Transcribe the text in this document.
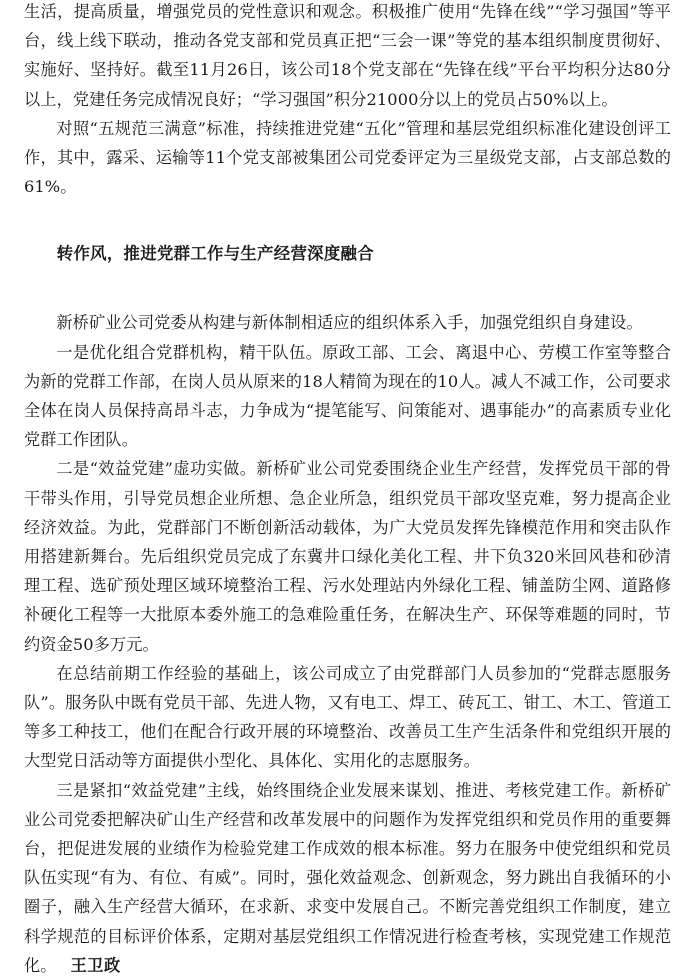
生活，提高质量，增强党员的党性意识和观念。积极推广使用“先锋在线”“学习强国”等平台，线上线下联动，推动各党支部和党员真正把“三会一课”等党的基本组织制度贯彻好、实施好、坚持好。截至11月26日，该公司18个党支部在“先锋在线”平台平均积分达80分以上，党建任务完成情况良好；“学习强国”积分21000分以上的党员占50%以上。

对照“五规范三满意”标准，持续推进党建“五化”管理和基层党组织标准化建设创评工作，其中，露采、运输等11个党支部被集团公司党委评定为三星级党支部，占支部总数的61%。

转作风，推进党群工作与生产经营深度融合

新桥矿业公司党委从构建与新体制相适应的组织体系入手，加强党组织自身建设。

一是优化组合党群机构，精干队伍。原政工部、工会、离退中心、劳模工作室等整合为新的党群工作部，在岗人员从原来的18人精简为现在的10人。减人不减工作，公司要求全体在岗人员保持高昂斗志，力争成为“提笔能写、问策能对、遇事能办”的高素质专业化党群工作团队。

二是“效益党建”虚功实做。新桥矿业公司党委围绕企业生产经营，发挥党员干部的骨干带头作用，引导党员想企业所想、急企业所急，组织党员干部攻坚克难，努力提高企业经济效益。为此，党群部门不断创新活动载体，为广大党员发挥先锋模范作用和突击队作用搭建新舞台。先后组织党员完成了东冀井口绿化美化工程、井下负320米回风巷和砂清理工程、选矿预处理区域环境整治工程、污水处理站内外绿化工程、铺盖防尘网、道路修补硬化工程等一大批原本委外施工的急难险重任务，在解决生产、环保等难题的同时，节约资金50多万元。

在总结前期工作经验的基础上，该公司成立了由党群部门人员参加的“党群志愿服务队”。服务队中既有党员干部、先进人物，又有电工、焊工、砖瓦工、钳工、木工、管道工等多工种技工，他们在配合行政开展的环境整治、改善员工生产生活条件和党组织开展的大型党日活动等方面提供小型化、具体化、实用化的志愿服务。

三是紧扣“效益党建”主线，始终围绕企业发展来谋划、推进、考核党建工作。新桥矿业公司党委把解决矿山生产经营和改革发展中的问题作为发挥党组织和党员作用的重要舞台，把促进发展的业绩作为检验党建工作成效的根本标准。努力在服务中使党组织和党员队伍实现“有为、有位、有威”。同时，强化效益观念、创新观念，努力跳出自我循环的小圈子，融入生产经营大循环，在求新、求变中发展自己。不断完善党组织工作制度，建立科学规范的目标评价体系，定期对基层党组织工作情况进行检查考核，实现党建工作规范化。 王卫政
